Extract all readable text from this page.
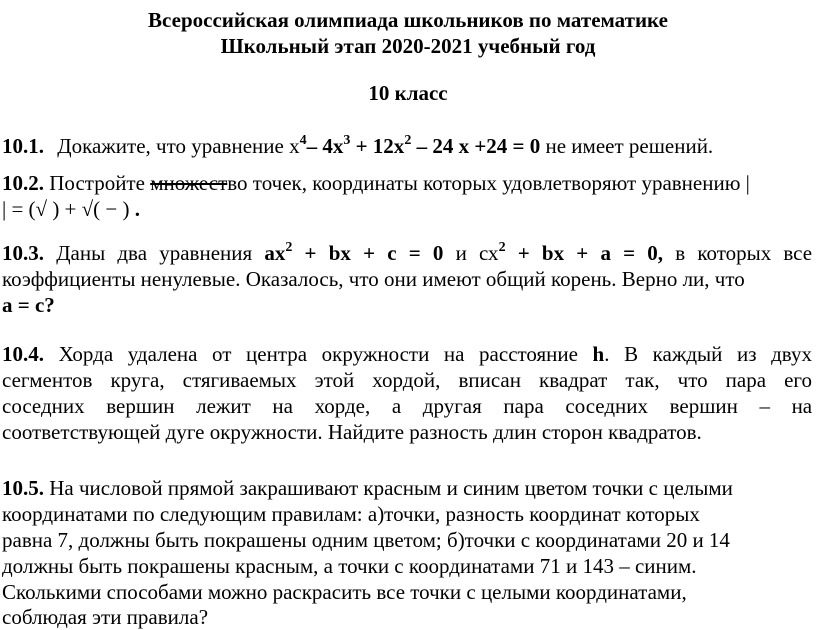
Всероссийская олимпиада школьников по математике
Школьный этап 2020-2021 учебный год
10 класс
10.1. Докажите, что уравнение $х^4-$ $4х^3 + 12х^2 - 24$ х +24 = 0 не имеет решений.
10.2. Постройте множество точек, координаты которых удовлетворяют уравнению |
| = (√ ) + √( − ) .
10.3. Даны два уравнения $ax^2$ + bx + c = 0 и $сх^2$ + bx + a = 0, в которых все
коэффициенты ненулевые. Оказалось, что они имеют общий корень. Верно ли, что
а = с?
10.4. Хорда удалена от центра окружности на расстояние h. В каждый из двух
сегментов круга, стягиваемых этой хордой, вписан квадрат так, что пара его
соседних вершин лежит на хорде, а другая пара соседних вершин – на
соответствующей дуге окружности. Найдите разность длин сторон квадратов.
10.5. На числовой прямой закрашивают красным и синим цветом точки с целыми
координатами по следующим правилам: а)точки, разность координат которых
равна 7, должны быть покрашены одним цветом; б)точки с координатами 20 и 14
должны быть покрашены красным, а точки с координатами 71 и 143 – синим.
Сколькими способами можно раскрасить все точки с целыми координатами,
соблюдая эти правила?
